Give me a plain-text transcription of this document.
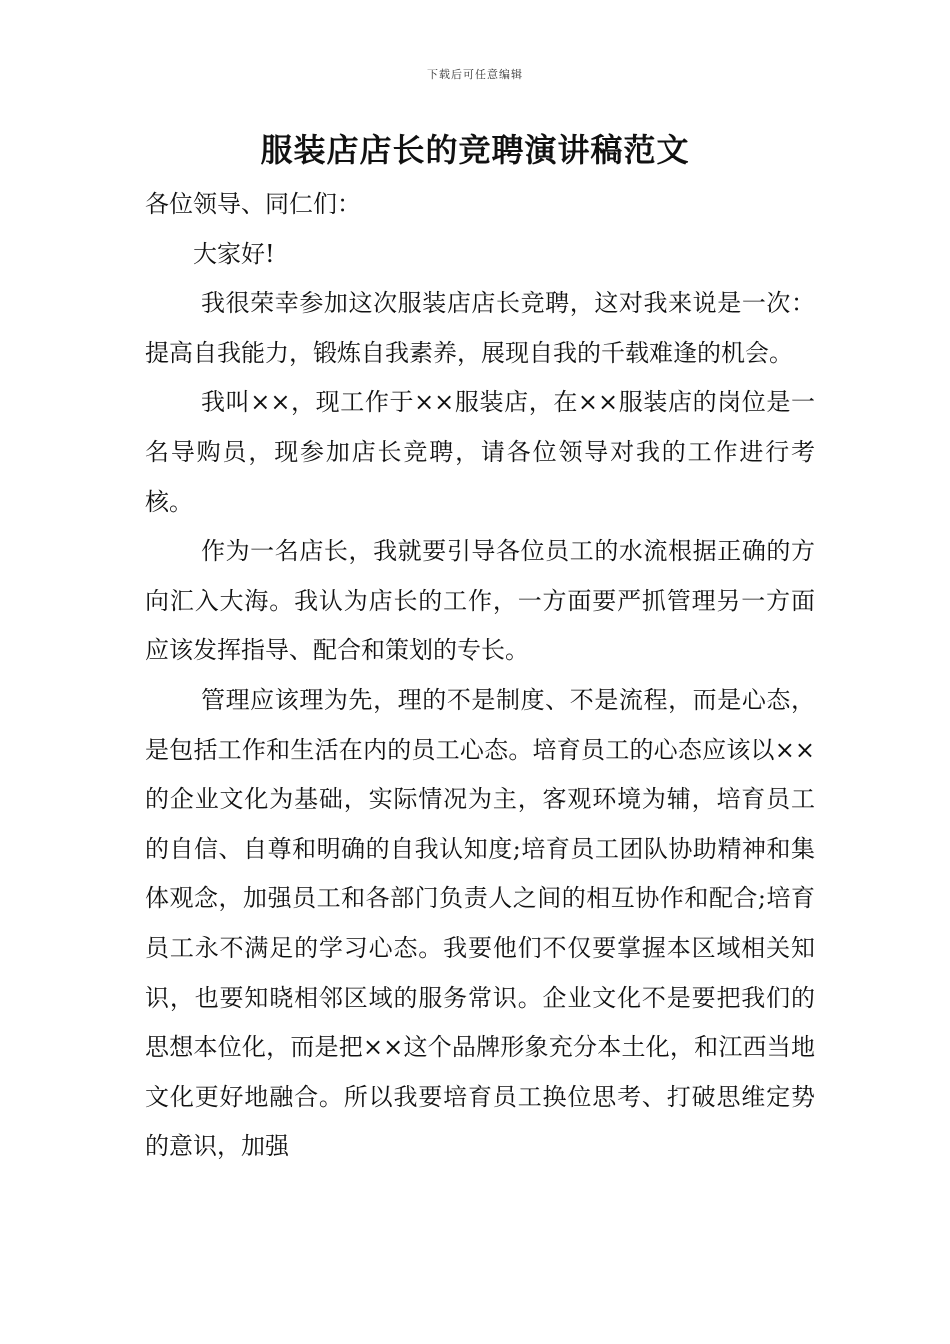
下载后可任意编辑
服装店店长的竞聘演讲稿范文

各位领导、同仁们：

大家好!

我很荣幸参加这次服装店店长竞聘，这对我来说是一次：提高自我能力，锻炼自我素养，展现自我的千载难逢的机会。

我叫××，现工作于××服装店，在××服装店的岗位是一名导购员，现参加店长竞聘，请各位领导对我的工作进行考核。

作为一名店长，我就要引导各位员工的水流根据正确的方向汇入大海。我认为店长的工作，一方面要严抓管理另一方面应该发挥指导、配合和策划的专长。

管理应该理为先，理的不是制度、不是流程，而是心态，是包括工作和生活在内的员工心态。培育员工的心态应该以××的企业文化为基础，实际情况为主，客观环境为辅，培育员工的自信、自尊和明确的自我认知度;培育员工团队协助精神和集体观念，加强员工和各部门负责人之间的相互协作和配合;培育员工永不满足的学习心态。我要他们不仅要掌握本区域相关知识，也要知晓相邻区域的服务常识。企业文化不是要把我们的思想本位化，而是把××这个品牌形象充分本土化，和江西当地文化更好地融合。所以我要培育员工换位思考、打破思维定势的意识，加强
